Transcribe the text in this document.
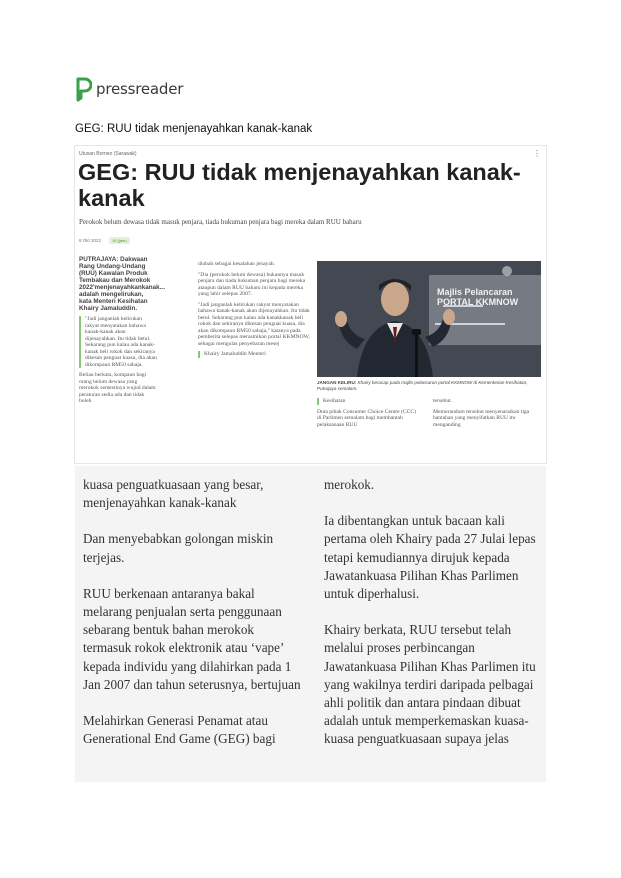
pressreader
GEG: RUU tidak menjenayahkan kanak-kanak
Utusan Borneo (Sarawak)	⋮
GEG: RUU tidak menjenayahkan kanak-kanak
Perokok belum dewasa tidak masuk penjara, tiada hukuman penjara bagi mereka dalam RUU baharu
8 Okt 2022	10 (jam)

PUTRAJAYA: Dakwaan Rang Undang-Undang (RUU) Kawalan Produk Tembakau dan Merokok 2022'menjenayahkankanak... adalah mengelirukan, kata Menteri Kesihatan Khairy Jamaluddin.

"Jadi janganlah kelirukan rakyat menyatakan bahawa kanak-kanak akan dijenayahkan. Itu tidak betul. Sekarang pun kalau ada kanak-kanak beli rokok dan sekiranya dikesan penguat kuasa, dia akan dikompaun RM50 sahaja.

Beliau berkata, kompaun bagi orang belum dewasa yang merokok semestinya wujud dalam peraturan sedia ada dan tidak boleh

diubah sebagai kesalahan jenayah.

"Dia (perokok belum dewasa) bukannya masuk penjara dan tiada hukuman penjara bagi mereka ataupun dalam RUU baharu ini kepada mereka yang lahir selepas 2007.

"Jadi janganlah kelirukan rakyat menyatakan bahawa kanak-kanak akan dijenayahkan. Itu tidak betul. Sekarang pun kalau ada kanakkanak beli rokok dan sekiranya dikesan penguat kuasa, dia akan dikompaun RM50 sahaja," katanya pada pemberita selepas merasmikan portal KKMNOW, sebagai mengulas penyebaran mesej

Khairy Jamaluddin Menteri

Majlis Pelancaran PORTAL KKMNOW
JANGAN KELIRU: Khairy berucap pada majlis pelancaran portal KKMNOW di Kementerian Kesihatan, Putrajaya semalam.

Kesihatan

Duta pihak Consumer Choice Centre (CCC) di Parlimen semalam bagi membantah pelaksanaan RUU

tersebut.

Memorandum tersebut menyenaraikan tiga bantahan yang menyifatkan RUU itu menganding

kuasa penguatkuasaan yang besar, menjenayahkan kanak-kanak

Dan menyebabkan golongan miskin terjejas.

RUU berkenaan antaranya bakal melarang penjualan serta penggunaan sebarang bentuk bahan merokok termasuk rokok elektronik atau ‘vape’ kepada individu yang dilahirkan pada 1 Jan 2007 dan tahun seterusnya, bertujuan

Melahirkan Generasi Penamat atau Generational End Game (GEG) bagi

merokok.

Ia dibentangkan untuk bacaan kali pertama oleh Khairy pada 27 Julai lepas tetapi kemudiannya dirujuk kepada Jawatankuasa Pilihan Khas Parlimen untuk diperhalusi.

Khairy berkata, RUU tersebut telah melalui proses perbincangan Jawatankuasa Pilihan Khas Parlimen itu yang wakilnya terdiri daripada pelbagai ahli politik dan antara pindaan dibuat adalah untuk memperkemaskan kuasa-kuasa penguatkuasaan supaya jelas
